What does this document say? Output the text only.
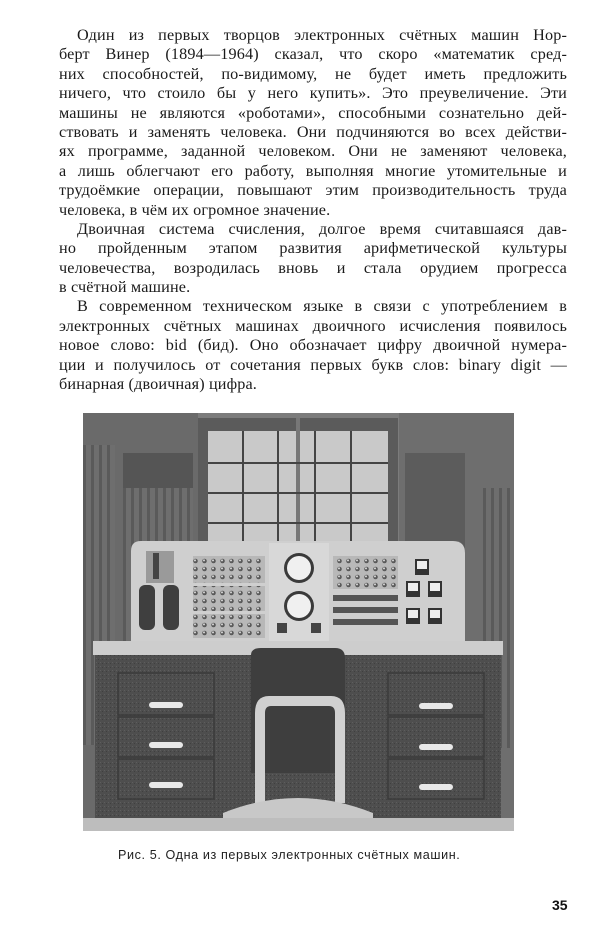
Один из первых творцов электронных счётных машин Нор-
берт Винер (1894—1964) сказал, что скоро «математик сред-
них способностей, по-видимому, не будет иметь предложить
ничего, что стоило бы у него купить». Это преувеличение. Эти
машины не являются «роботами», способными сознательно дей-
ствовать и заменять человека. Они подчиняются во всех действи-
ях программе, заданной человеком. Они не заменяют человека,
а лишь облегчают его работу, выполняя многие утомительные и
трудоёмкие операции, повышают этим производительность труда
человека, в чём их огромное значение.
Двоичная система счисления, долгое время считавшаяся дав-
но пройденным этапом развития арифметической культуры
человечества, возродилась вновь и стала орудием прогресса
в счётной машине.
В современном техническом языке в связи с употреблением в
электронных счётных машинах двоичного исчисления появилось
новое слово: bid (бид). Оно обозначает цифру двоичной нумера-
ции и получилось от сочетания первых букв слов: binary digit —
бинарная (двоичная) цифра.
Рис. 5. Одна из первых электронных счётных машин.
35
